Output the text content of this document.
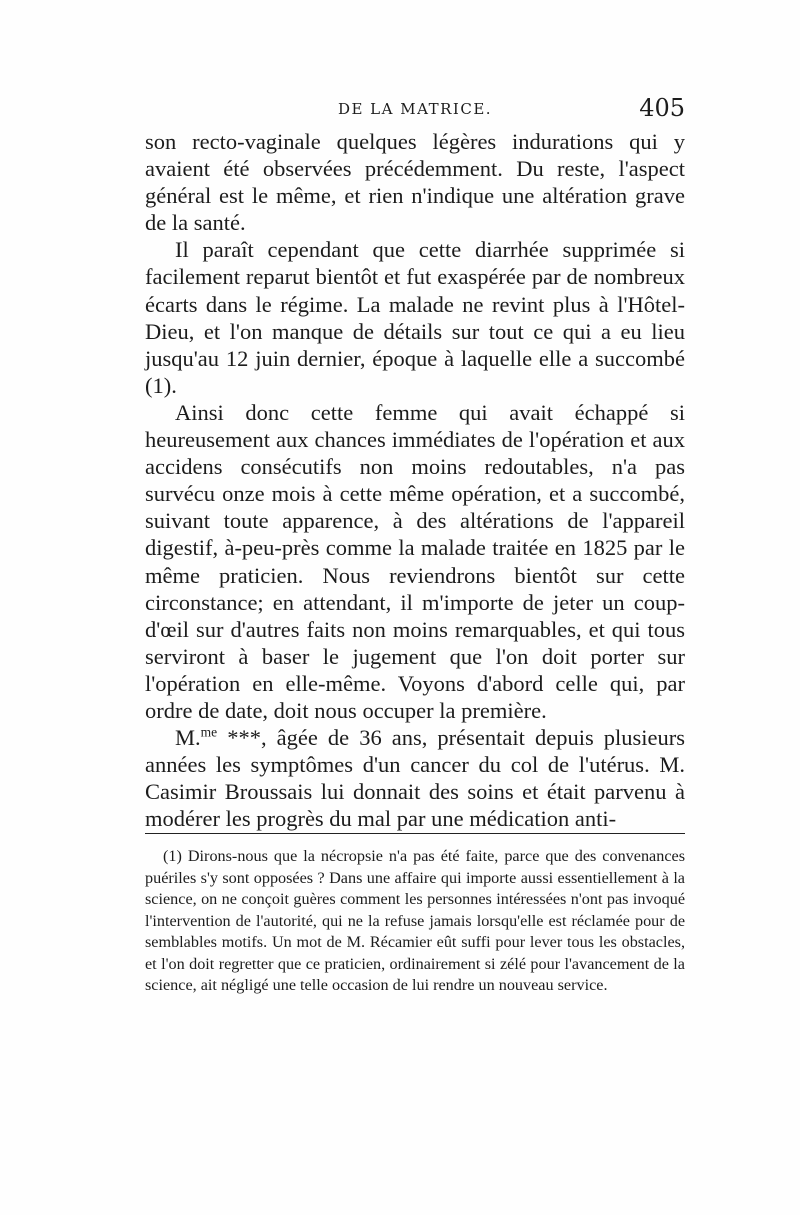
DE LA MATRICE.	405

son recto-vaginale quelques légères indurations qui y avaient été observées précédemment. Du reste, l'aspect général est le même, et rien n'indique une altération grave de la santé.

Il paraît cependant que cette diarrhée supprimée si facilement reparut bientôt et fut exaspérée par de nombreux écarts dans le régime. La malade ne revint plus à l'Hôtel-Dieu, et l'on manque de détails sur tout ce qui a eu lieu jusqu'au 12 juin dernier, époque à laquelle elle a succombé (1).

Ainsi donc cette femme qui avait échappé si heureusement aux chances immédiates de l'opération et aux accidens consécutifs non moins redoutables, n'a pas survécu onze mois à cette même opération, et a succombé, suivant toute apparence, à des altérations de l'appareil digestif, à-peu-près comme la malade traitée en 1825 par le même praticien. Nous reviendrons bientôt sur cette circonstance; en attendant, il m'importe de jeter un coup-d'œil sur d'autres faits non moins remarquables, et qui tous serviront à baser le jugement que l'on doit porter sur l'opération en elle-même. Voyons d'abord celle qui, par ordre de date, doit nous occuper la première.

M.$^{me}$ ***, âgée de 36 ans, présentait depuis plusieurs années les symptômes d'un cancer du col de l'utérus. M. Casimir Broussais lui donnait des soins et était parvenu à modérer les progrès du mal par une médication anti-

(1) Dirons-nous que la nécropsie n'a pas été faite, parce que des convenances puériles s'y sont opposées ? Dans une affaire qui importe aussi essentiellement à la science, on ne conçoit guères comment les personnes intéressées n'ont pas invoqué l'intervention de l'autorité, qui ne la refuse jamais lorsqu'elle est réclamée pour de semblables motifs. Un mot de M. Récamier eût suffi pour lever tous les obstacles, et l'on doit regretter que ce praticien, ordinairement si zélé pour l'avancement de la science, ait négligé une telle occasion de lui rendre un nouveau service.
